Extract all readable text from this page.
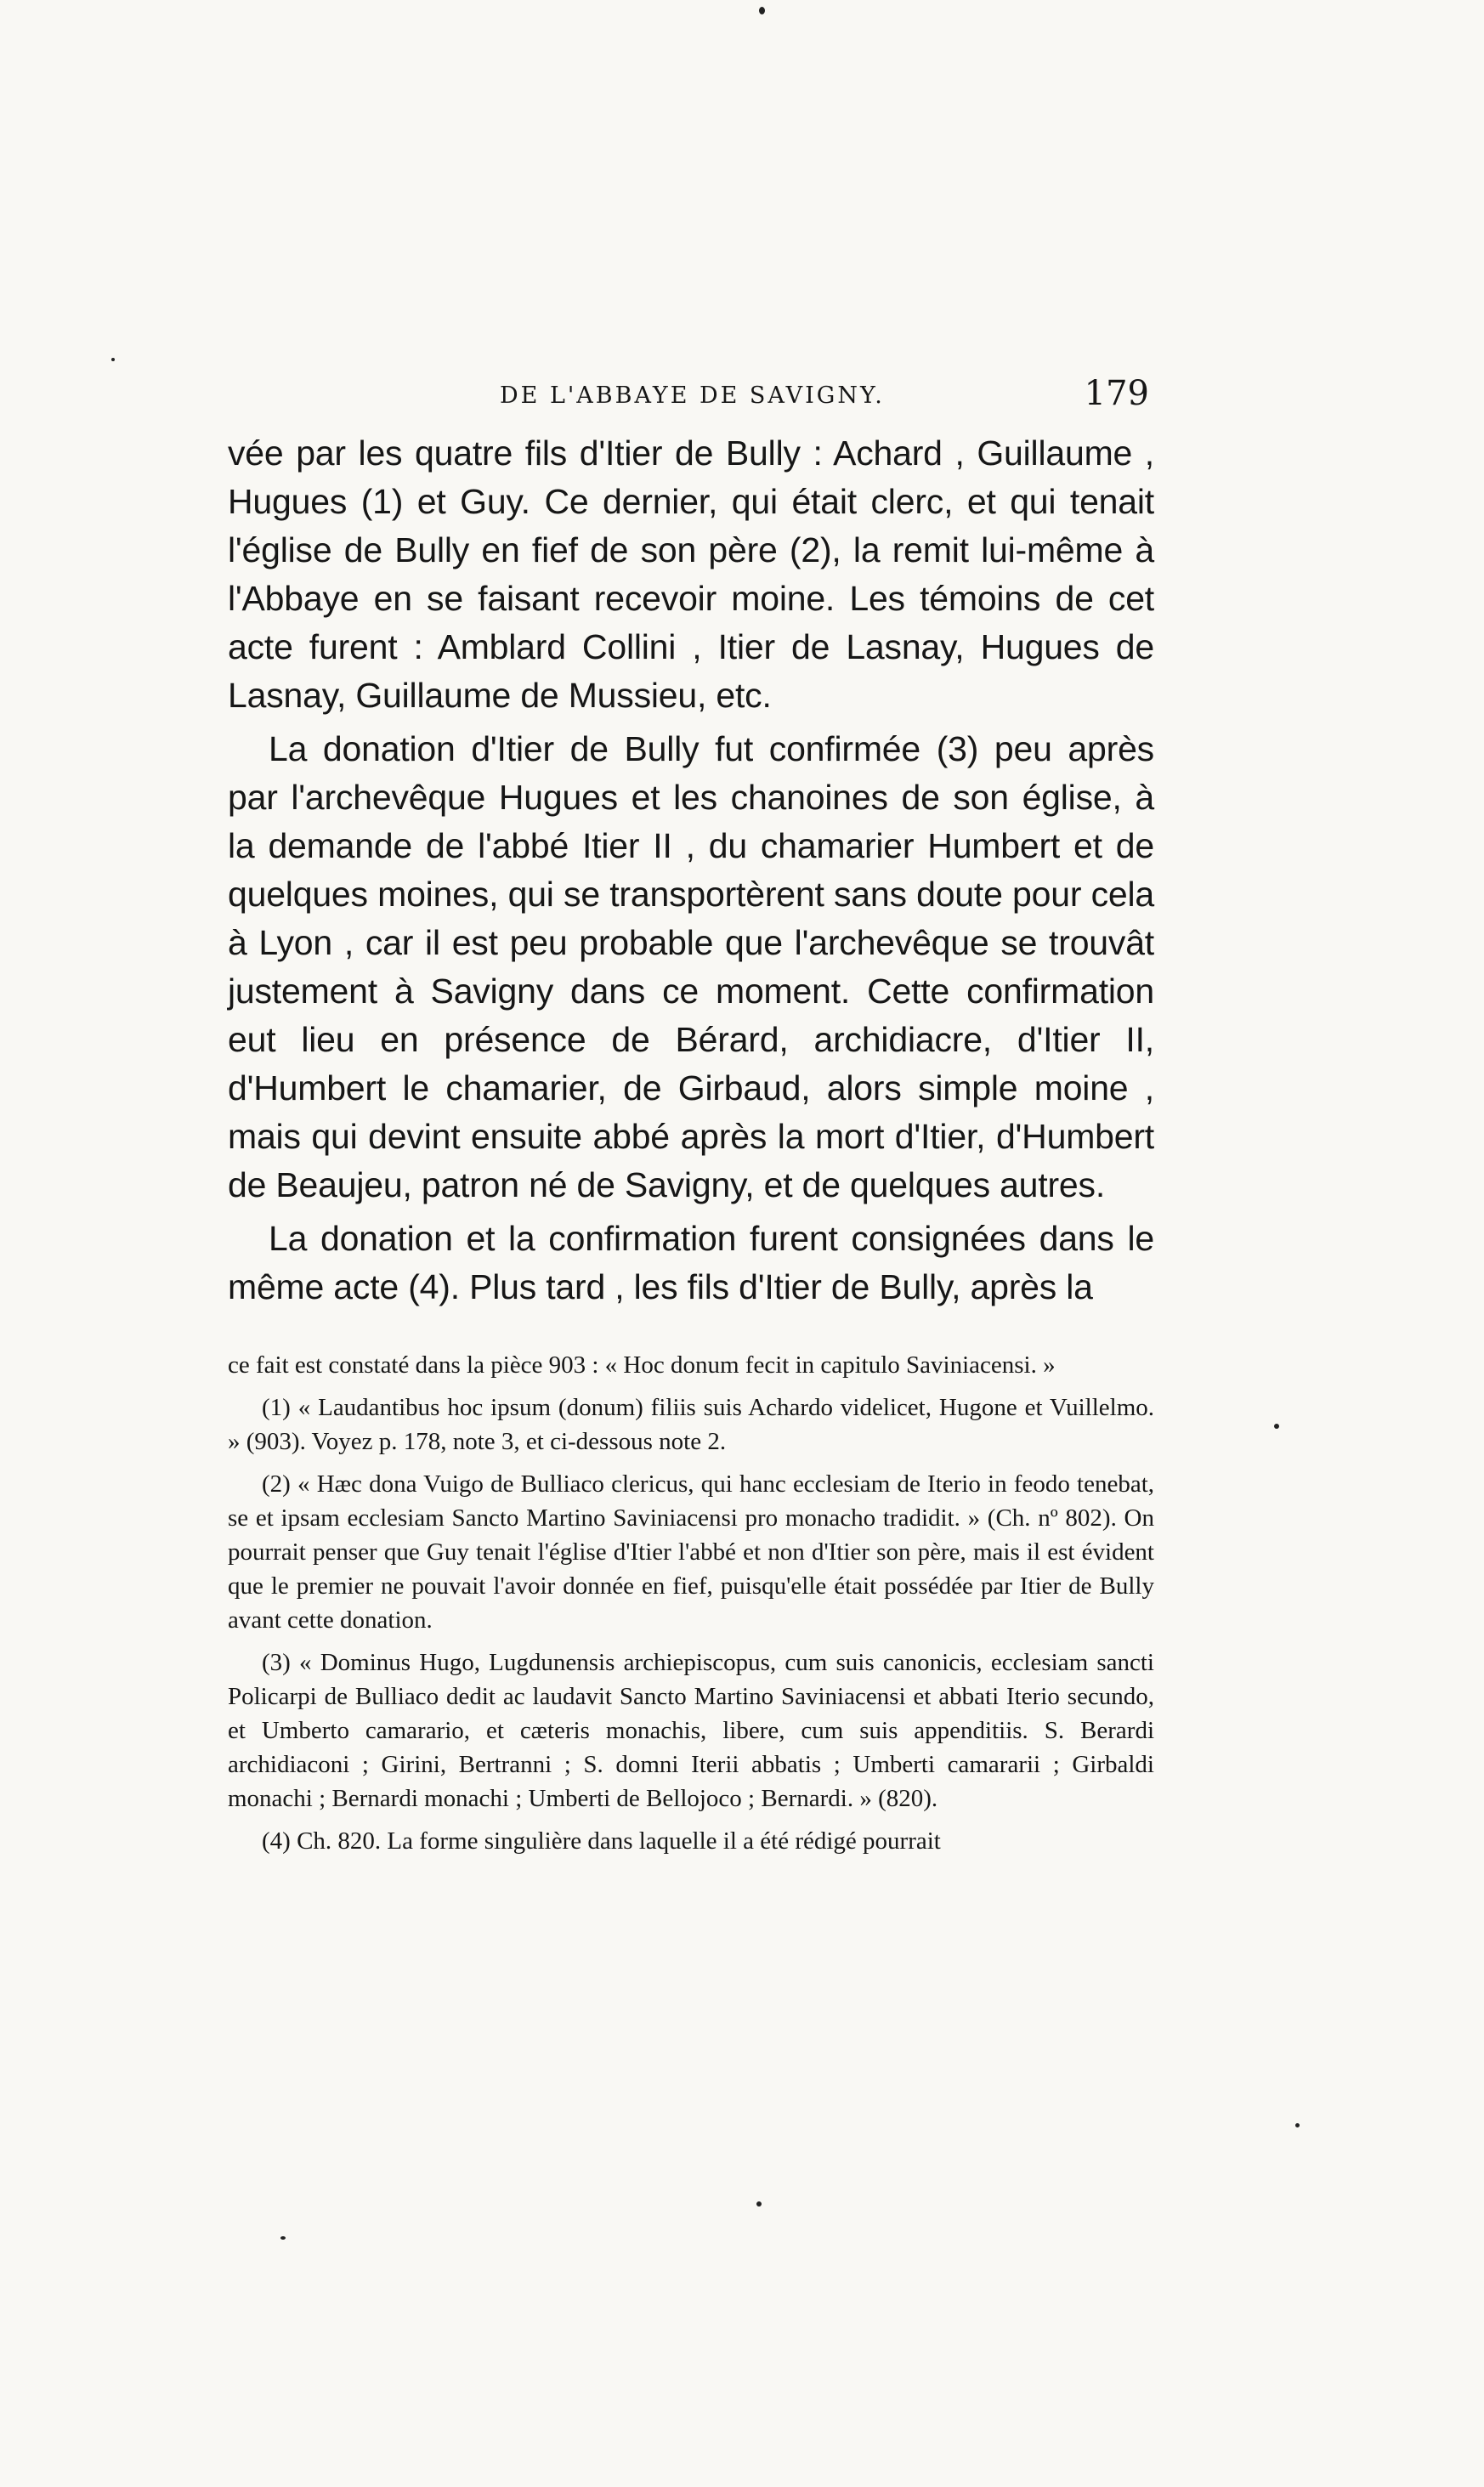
DE L'ABBAYE DE SAVIGNY.	179

vée par les quatre fils d'Itier de Bully : Achard , Guillaume , Hugues (1) et Guy. Ce dernier, qui était clerc, et qui tenait l'église de Bully en fief de son père (2), la remit lui-même à l'Abbaye en se faisant recevoir moine. Les témoins de cet acte furent : Amblard Collini , Itier de Lasnay, Hugues de Lasnay, Guillaume de Mussieu, etc.

La donation d'Itier de Bully fut confirmée (3) peu après par l'archevêque Hugues et les chanoines de son église, à la demande de l'abbé Itier II , du chamarier Humbert et de quelques moines, qui se transportèrent sans doute pour cela à Lyon , car il est peu probable que l'archevêque se trouvât justement à Savigny dans ce moment. Cette confirmation eut lieu en présence de Bérard, archidiacre, d'Itier II, d'Humbert le chamarier, de Girbaud, alors simple moine , mais qui devint ensuite abbé après la mort d'Itier, d'Humbert de Beaujeu, patron né de Savigny, et de quelques autres.

La donation et la confirmation furent consignées dans le même acte (4). Plus tard , les fils d'Itier de Bully, après la

ce fait est constaté dans la pièce 903 : « Hoc donum fecit in capitulo Saviniacensi. »

(1) « Laudantibus hoc ipsum (donum) filiis suis Achardo videlicet, Hugone et Vuillelmo. » (903). Voyez p. 178, note 3, et ci-dessous note 2.

(2) « Hæc dona Vuigo de Bulliaco clericus, qui hanc ecclesiam de Iterio in feodo tenebat, se et ipsam ecclesiam Sancto Martino Saviniacensi pro monacho tradidit. » (Ch. nº 802). On pourrait penser que Guy tenait l'église d'Itier l'abbé et non d'Itier son père, mais il est évident que le premier ne pouvait l'avoir donnée en fief, puisqu'elle était possédée par Itier de Bully avant cette donation.

(3) « Dominus Hugo, Lugdunensis archiepiscopus, cum suis canonicis, ecclesiam sancti Policarpi de Bulliaco dedit ac laudavit Sancto Martino Saviniacensi et abbati Iterio secundo, et Umberto camarario, et cæteris monachis, libere, cum suis appenditiis. S. Berardi archidiaconi ; Girini, Bertranni ; S. domni Iterii abbatis ; Umberti camararii ; Girbaldi monachi ; Bernardi monachi ; Umberti de Bellojoco ; Bernardi. » (820).

(4) Ch. 820. La forme singulière dans laquelle il a été rédigé pourrait
